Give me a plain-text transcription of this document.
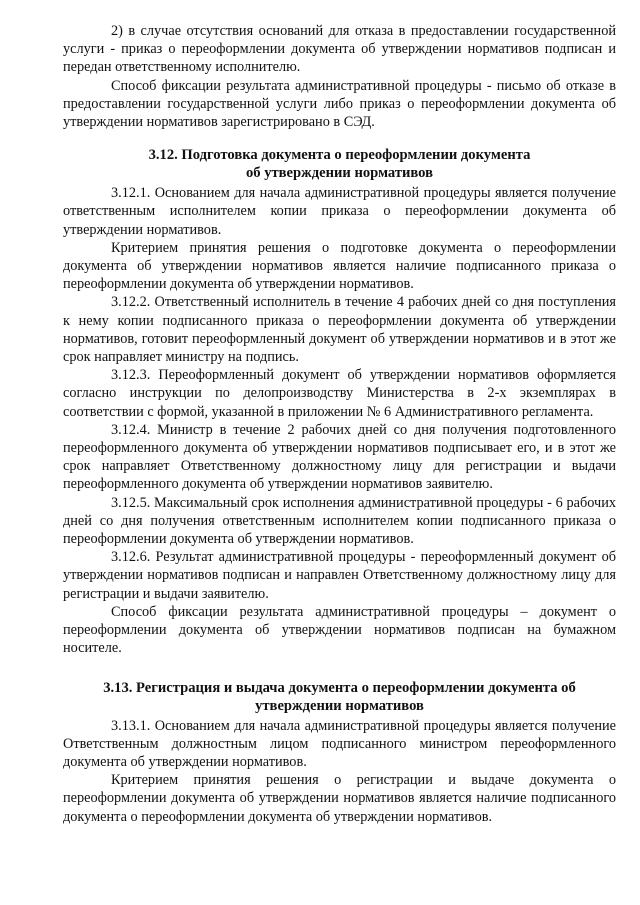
2) в случае отсутствия оснований для отказа в предоставлении государственной услуги - приказ о переоформлении документа об утверждении нормативов подписан и передан ответственному исполнителю.

Способ фиксации результата административной процедуры - письмо об отказе в предоставлении государственной услуги либо приказ о переоформлении документа об утверждении нормативов зарегистрировано в СЭД.

3.12. Подготовка документа о переоформлении документа
об утверждении нормативов

3.12.1. Основанием для начала административной процедуры является получение ответственным исполнителем копии приказа о переоформлении документа об утверждении нормативов.

Критерием принятия решения о подготовке документа о переоформлении документа об утверждении нормативов является наличие подписанного приказа о переоформлении документа об утверждении нормативов.

3.12.2. Ответственный исполнитель в течение 4 рабочих дней со дня поступления к нему копии подписанного приказа о переоформлении документа об утверждении нормативов, готовит переоформленный документ об утверждении нормативов и в этот же срок направляет министру на подпись.

3.12.3. Переоформленный документ об утверждении нормативов оформляется согласно инструкции по делопроизводству Министерства в 2-х экземплярах в соответствии с формой, указанной в приложении № 6 Административного регламента.

3.12.4. Министр в течение 2 рабочих дней со дня получения подготовленного переоформленного документа об утверждении нормативов подписывает его, и в этот же срок направляет Ответственному должностному лицу для регистрации и выдачи переоформленного документа об утверждении нормативов заявителю.

3.12.5. Максимальный срок исполнения административной процедуры - 6 рабочих дней со дня получения ответственным исполнителем копии подписанного приказа о переоформлении документа об утверждении нормативов.

3.12.6. Результат административной процедуры - переоформленный документ об утверждении нормативов подписан и направлен Ответственному должностному лицу для регистрации и выдачи заявителю.

Способ фиксации результата административной процедуры – документ о переоформлении документа об утверждении нормативов подписан на бумажном носителе.

3.13. Регистрация и выдача документа о переоформлении документа об
утверждении нормативов

3.13.1. Основанием для начала административной процедуры является получение Ответственным должностным лицом подписанного министром переоформленного документа об утверждении нормативов.

Критерием принятия решения о регистрации и выдаче документа о переоформлении документа об утверждении нормативов является наличие подписанного документа о переоформлении документа об утверждении нормативов.
